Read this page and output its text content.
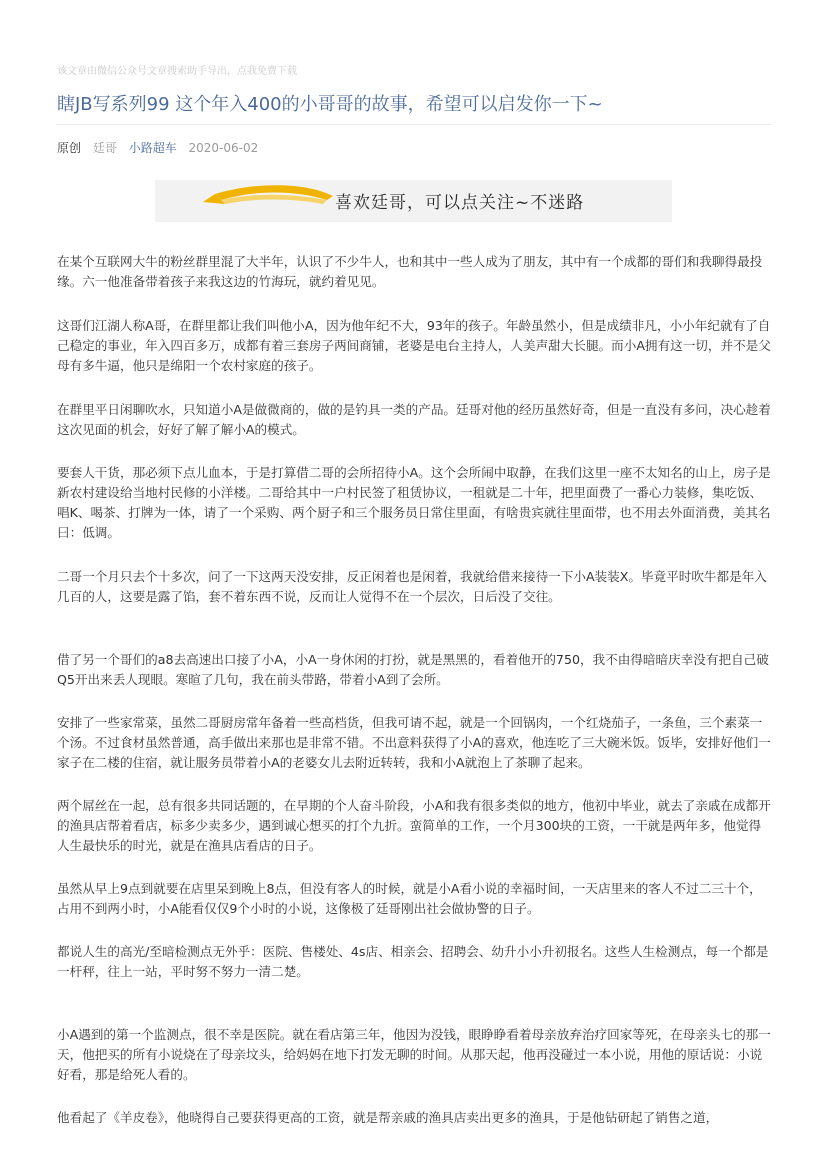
该文章由微信公众号文章搜索助手导出，点我免费下载
瞎JB写系列99 这个年入400的小哥哥的故事，希望可以启发你一下~
原创 廷哥 小路超车 2020-06-02
喜欢廷哥，可以点关注~不迷路

在某个互联网大牛的粉丝群里混了大半年，认识了不少牛人，也和其中一些人成为了朋友，其中有一个成都的哥们和我聊得最投缘。六一他准备带着孩子来我这边的竹海玩，就约着见见。

这哥们江湖人称A哥，在群里都让我们叫他小A，因为他年纪不大，93年的孩子。年龄虽然小，但是成绩非凡，小小年纪就有了自己稳定的事业，年入四百多万，成都有着三套房子两间商铺，老婆是电台主持人，人美声甜大长腿。而小A拥有这一切，并不是父母有多牛逼，他只是绵阳一个农村家庭的孩子。

在群里平日闲聊吹水，只知道小A是做微商的，做的是钓具一类的产品。廷哥对他的经历虽然好奇，但是一直没有多问，决心趁着这次见面的机会，好好了解了解小A的模式。

要套人干货，那必须下点儿血本，于是打算借二哥的会所招待小A。这个会所闹中取静，在我们这里一座不太知名的山上，房子是新农村建设给当地村民修的小洋楼。二哥给其中一户村民签了租赁协议，一租就是二十年，把里面费了一番心力装修，集吃饭、唱K、喝茶、打牌为一体，请了一个采购、两个厨子和三个服务员日常住里面，有啥贵宾就往里面带，也不用去外面消费，美其名曰：低调。

二哥一个月只去个十多次，问了一下这两天没安排，反正闲着也是闲着，我就给借来接待一下小A装装X。毕竟平时吹牛都是年入几百的人，这要是露了馅，套不着东西不说，反而让人觉得不在一个层次，日后没了交往。

借了另一个哥们的a8去高速出口接了小A，小A一身休闲的打扮，就是黑黑的，看着他开的750，我不由得暗暗庆幸没有把自己破Q5开出来丢人现眼。寒暄了几句，我在前头带路，带着小A到了会所。

安排了一些家常菜，虽然二哥厨房常年备着一些高档货，但我可请不起，就是一个回锅肉，一个红烧茄子，一条鱼，三个素菜一个汤。不过食材虽然普通，高手做出来那也是非常不错。不出意料获得了小A的喜欢，他连吃了三大碗米饭。饭毕，安排好他们一家子在二楼的住宿，就让服务员带着小A的老婆女儿去附近转转，我和小A就泡上了茶聊了起来。

两个屌丝在一起，总有很多共同话题的，在早期的个人奋斗阶段，小A和我有很多类似的地方，他初中毕业，就去了亲戚在成都开的渔具店帮着看店，标多少卖多少，遇到诚心想买的打个九折。蛮简单的工作，一个月300块的工资，一干就是两年多，他觉得人生最快乐的时光，就是在渔具店看店的日子。

虽然从早上9点到就要在店里呆到晚上8点，但没有客人的时候，就是小A看小说的幸福时间，一天店里来的客人不过二三十个，占用不到两小时，小A能看仅仅9个小时的小说，这像极了廷哥刚出社会做协警的日子。

都说人生的高光/至暗检测点无外乎：医院、售楼处、4s店、相亲会、招聘会、幼升小小升初报名。这些人生检测点，每一个都是一杆秤，往上一站，平时努不努力一清二楚。

小A遇到的第一个监测点，很不幸是医院。就在看店第三年，他因为没钱，眼睁睁看着母亲放弃治疗回家等死，在母亲头七的那一天，他把买的所有小说烧在了母亲坟头，给妈妈在地下打发无聊的时间。从那天起，他再没碰过一本小说，用他的原话说：小说好看，那是给死人看的。

他看起了《羊皮卷》，他晓得自己要获得更高的工资，就是帮亲戚的渔具店卖出更多的渔具，于是他钻研起了销售之道，
